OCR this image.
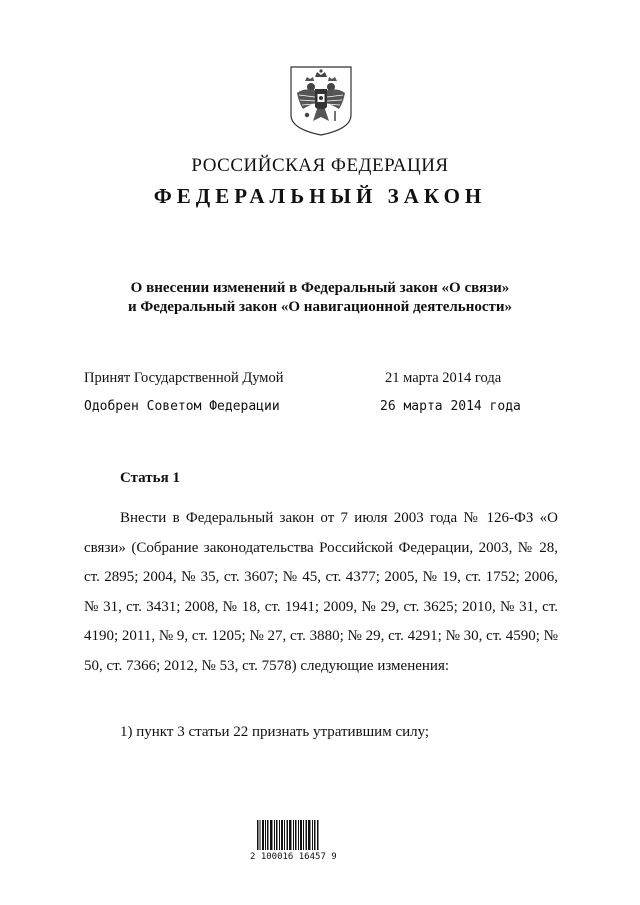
РОССИЙСКАЯ ФЕДЕРАЦИЯ
ФЕДЕРАЛЬНЫЙ ЗАКОН
О внесении изменений в Федеральный закон «О связи»
и Федеральный закон «О навигационной деятельности»
Принят Государственной Думой	21 марта 2014 года
Одобрен Советом Федерации	26 марта 2014 года
Статья 1

Внести в Федеральный закон от 7 июля 2003 года № 126-ФЗ «О связи» (Собрание законодательства Российской Федерации, 2003, № 28, ст. 2895; 2004, № 35, ст. 3607; № 45, ст. 4377; 2005, № 19, ст. 1752; 2006, № 31, ст. 3431; 2008, № 18, ст. 1941; 2009, № 29, ст. 3625; 2010, № 31, ст. 4190; 2011, № 9, ст. 1205; № 27, ст. 3880; № 29, ст. 4291; № 30, ст. 4590; № 50, ст. 7366; 2012, № 53, ст. 7578) следующие изменения:

1) пункт 3 статьи 22 признать утратившим силу;
2 100016 16457 9
